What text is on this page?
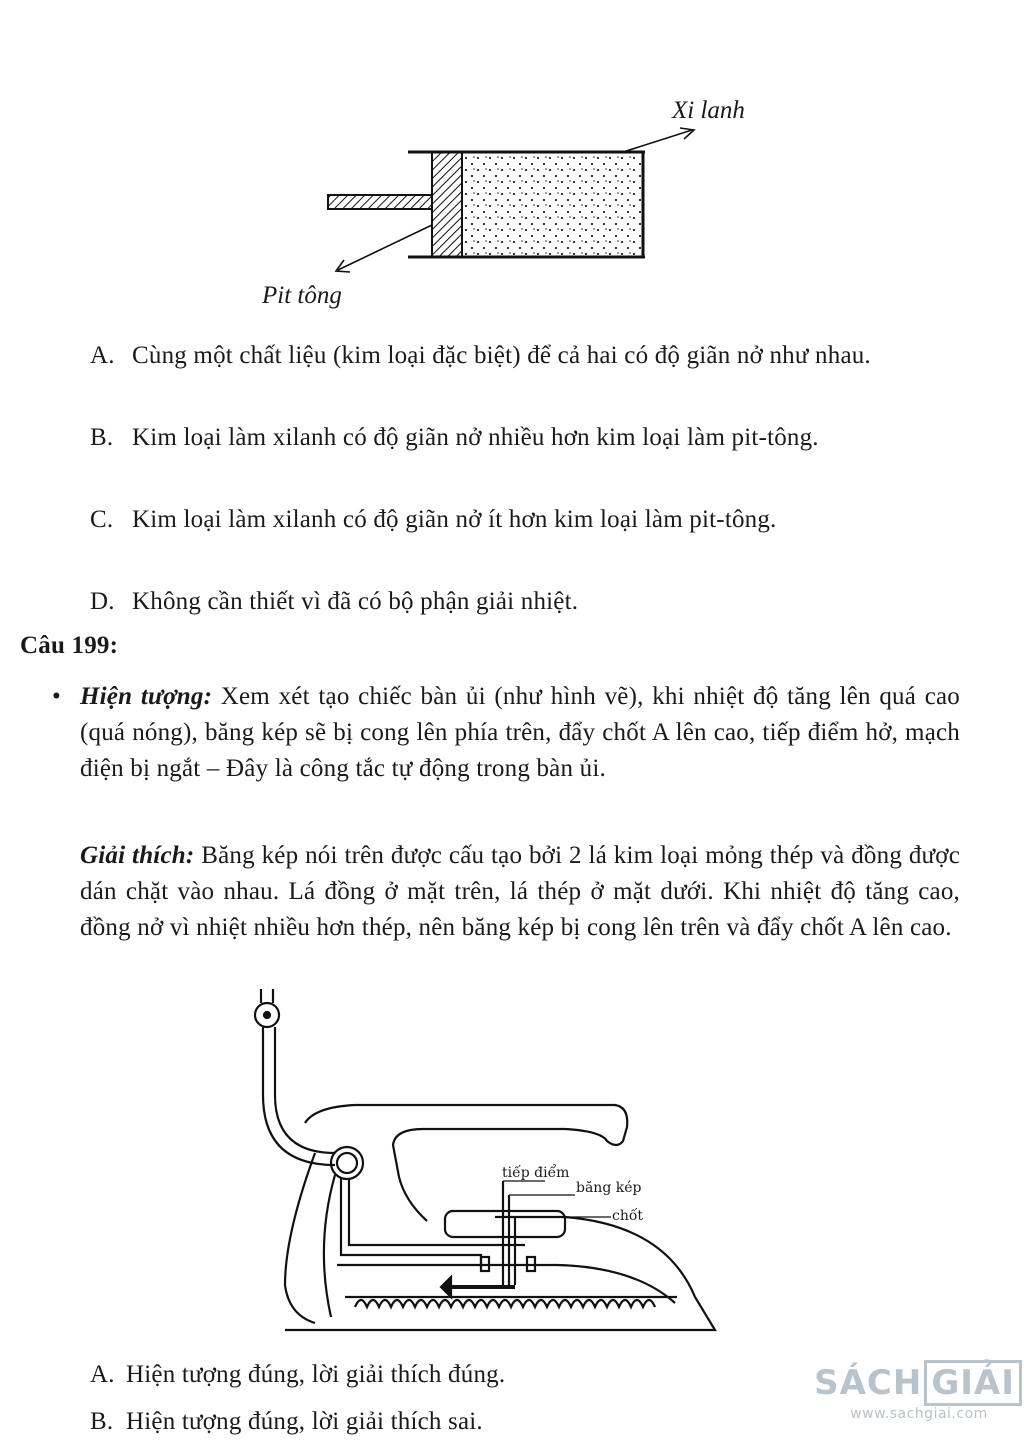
Xi lanh
Pit tông
A. Cùng một chất liệu (kim loại đặc biệt) để cả hai có độ giãn nở như nhau.
B. Kim loại làm xilanh có độ giãn nở nhiều hơn kim loại làm pit-tông.
C. Kim loại làm xilanh có độ giãn nở ít hơn kim loại làm pit-tông.
D. Không cần thiết vì đã có bộ phận giải nhiệt.
Câu 199:
• Hiện tượng: Xem xét tạo chiếc bàn ủi (như hình vẽ), khi nhiệt độ tăng lên quá cao (quá nóng), băng kép sẽ bị cong lên phía trên, đẩy chốt A lên cao, tiếp điểm hở, mạch điện bị ngắt – Đây là công tắc tự động trong bàn ủi.
Giải thích: Băng kép nói trên được cấu tạo bởi 2 lá kim loại mỏng thép và đồng được dán chặt vào nhau. Lá đồng ở mặt trên, lá thép ở mặt dưới. Khi nhiệt độ tăng cao, đồng nở vì nhiệt nhiều hơn thép, nên băng kép bị cong lên trên và đẩy chốt A lên cao.
tiếp điểm
băng kép
chốt
A. Hiện tượng đúng, lời giải thích đúng.
B. Hiện tượng đúng, lời giải thích sai.
SÁCH GIẢI
www.sachgiai.com
